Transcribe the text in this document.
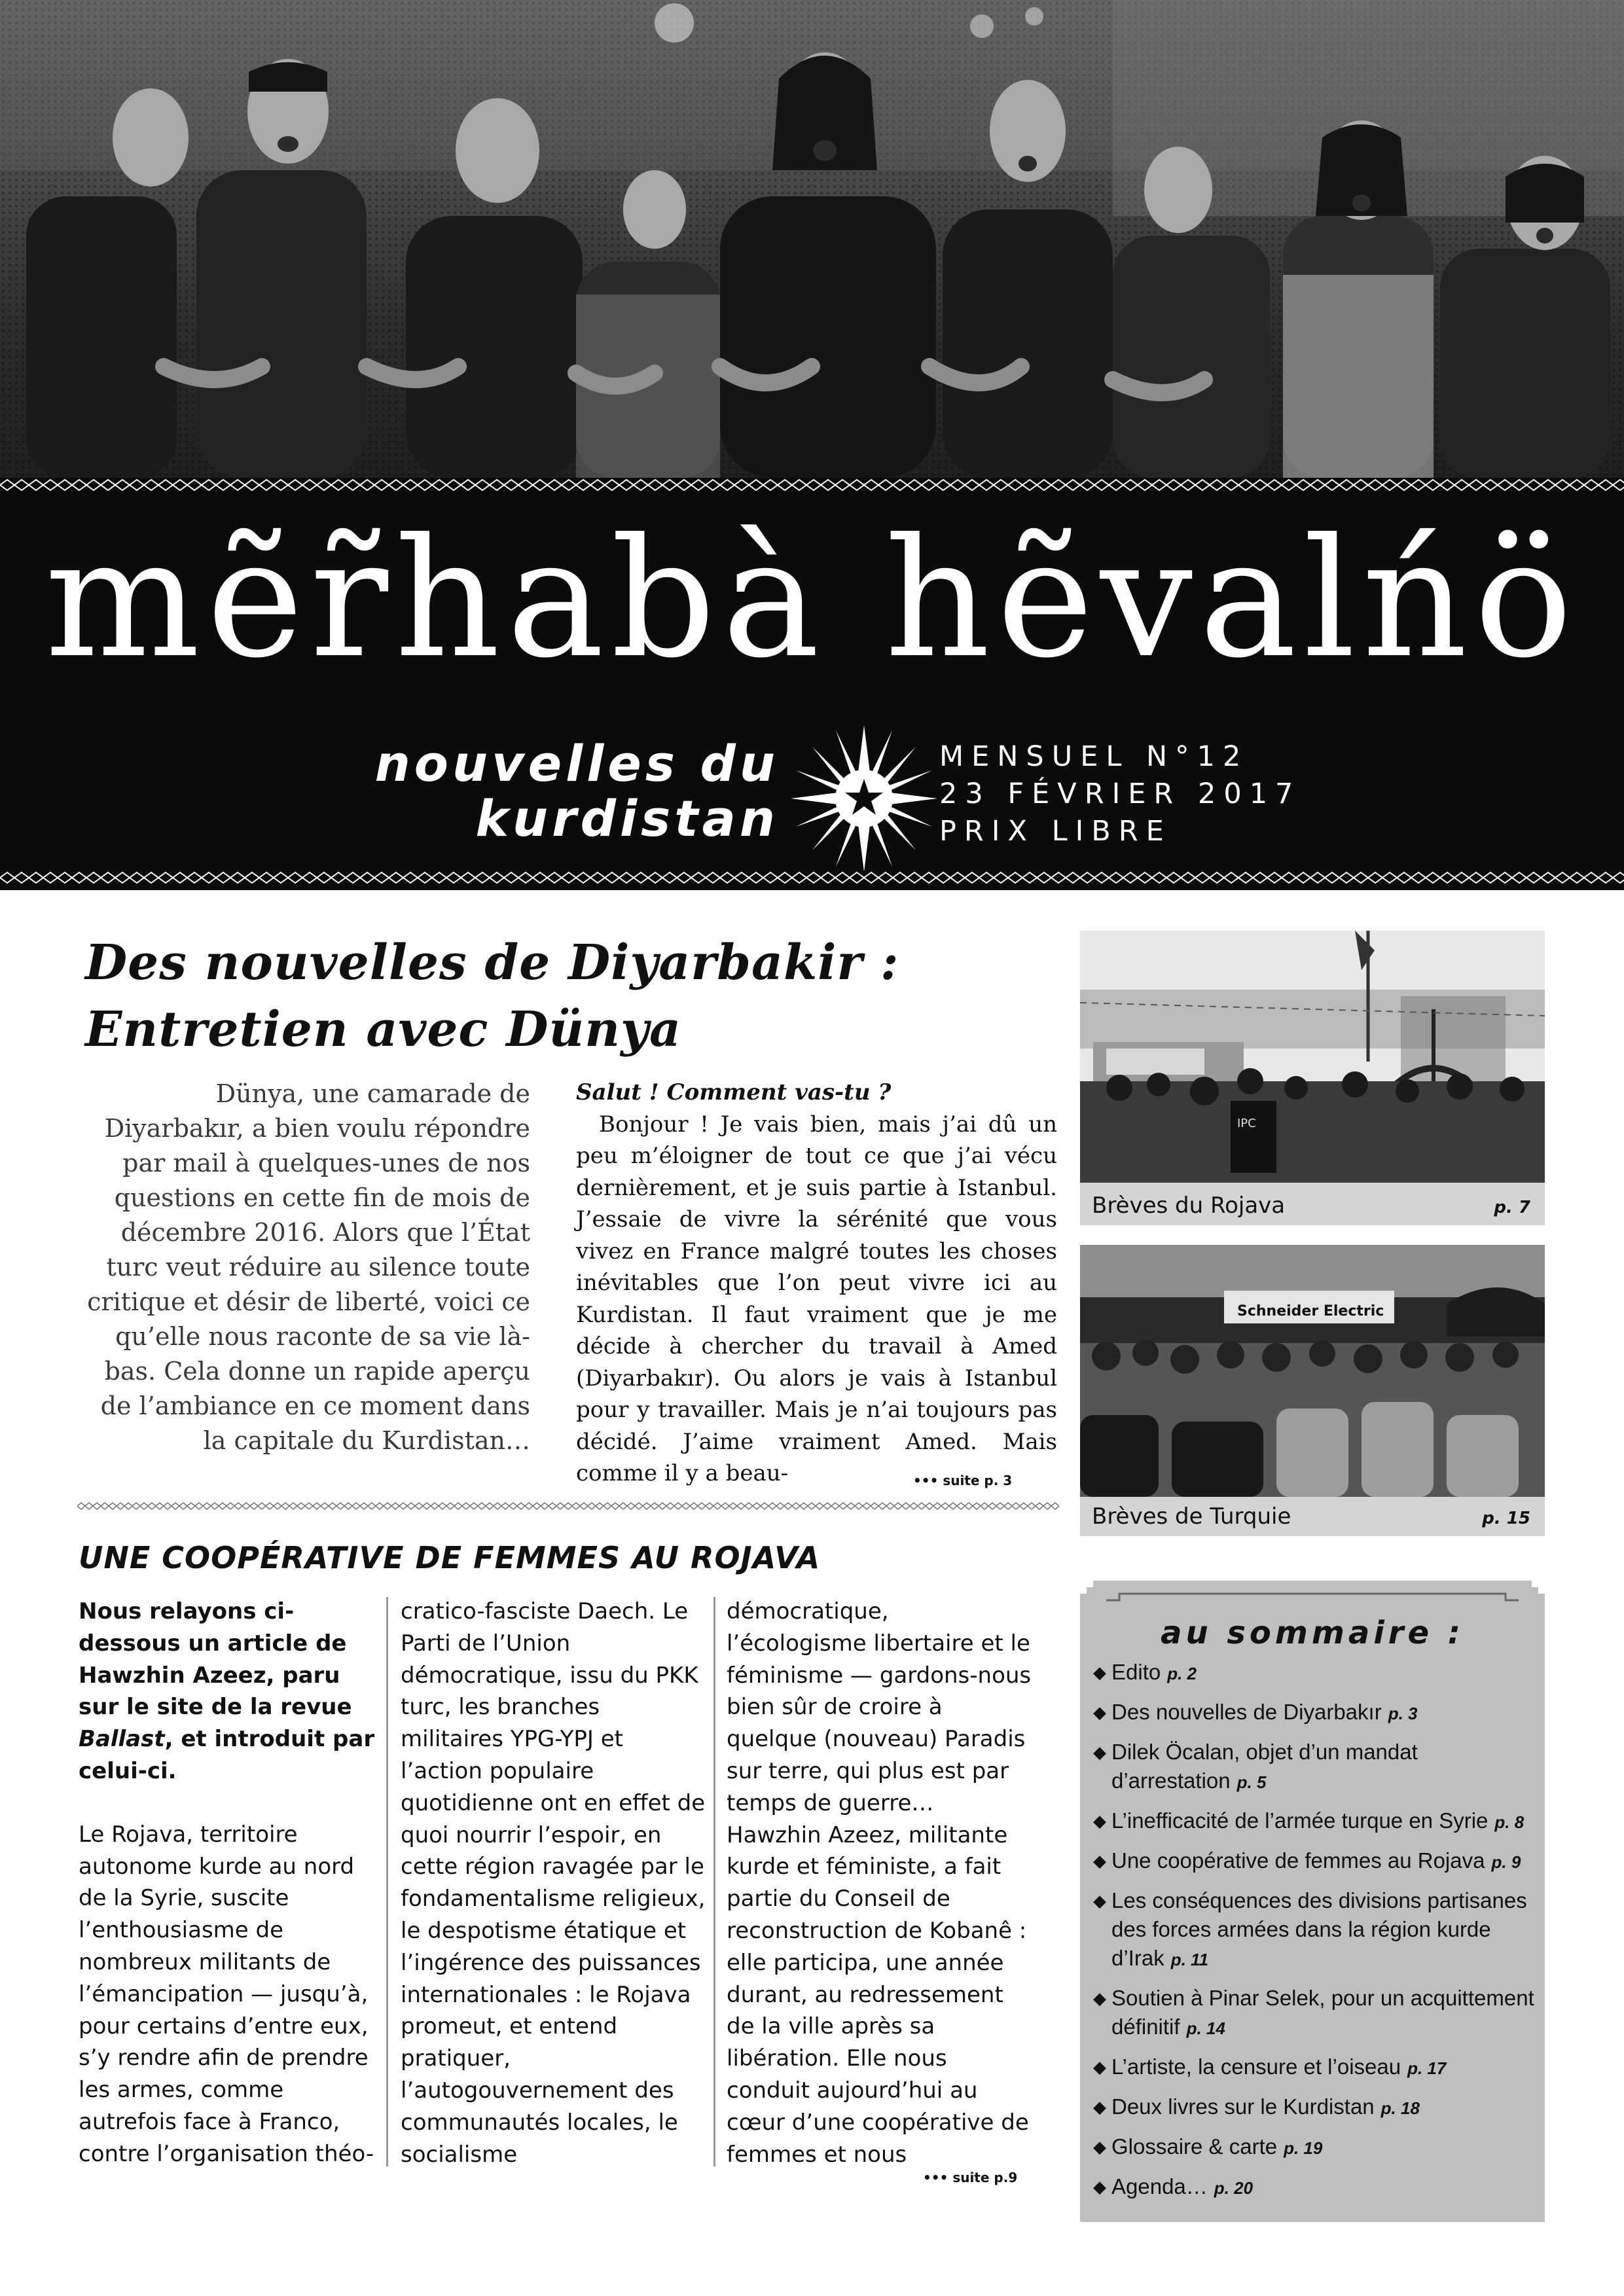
mẽr̃habà hẽvalńö
nouvelles du
kurdistan
MENSUEL N°12
23 FÉVRIER 2017
PRIX LIBRE
Des nouvelles de Diyarbakir :
Entretien avec Dünya
Dünya, une camarade de Diyarbakır, a bien voulu répondre par mail à quelques-unes de nos questions en cette fin de mois de décembre 2016. Alors que l’État turc veut réduire au silence toute critique et désir de liberté, voici ce qu’elle nous raconte de sa vie là-bas. Cela donne un rapide aperçu de l’ambiance en ce moment dans la capitale du Kurdistan…
Salut ! Comment vas-tu ?
Bonjour ! Je vais bien, mais j’ai dû un peu m’éloigner de tout ce que j’ai vécu dernièrement, et je suis partie à Istanbul. J’essaie de vivre la sérénité que vous vivez en France malgré toutes les choses inévitables que l’on peut vivre ici au Kurdistan. Il faut vraiment que je me décide à chercher du travail à Amed (Diyarbakır). Ou alors je vais à Istanbul pour y travailler. Mais je n’ai toujours pas décidé. J’aime vraiment Amed. Mais comme il y a beau-	••• suite p. 3
UNE COOPÉRATIVE DE FEMMES AU ROJAVA
Nous relayons ci-dessous un article de Hawzhin Azeez, paru sur le site de la revue Ballast, et introduit par celui-ci.
Le Rojava, territoire autonome kurde au nord de la Syrie, suscite l’enthousiasme de nombreux militants de l’émancipation — jusqu’à, pour certains d’entre eux, s’y rendre afin de prendre les armes, comme autrefois face à Franco, contre l’organisation théo-
cratico-fasciste Daech. Le Parti de l’Union démocratique, issu du PKK turc, les branches militaires YPG-YPJ et l’action populaire quotidienne ont en effet de quoi nourrir l’espoir, en cette région ravagée par le fondamentalisme religieux, le despotisme étatique et l’ingérence des puissances internationales : le Rojava promeut, et entend pratiquer, l’autogouvernement des communautés locales, le socialisme
démocratique, l’écologisme libertaire et le féminisme — gardons-nous bien sûr de croire à quelque (nouveau) Paradis sur terre, qui plus est par temps de guerre… Hawzhin Azeez, militante kurde et féministe, a fait partie du Conseil de reconstruction de Kobanê : elle participa, une année durant, au redressement de la ville après sa libération. Elle nous conduit aujourd’hui au cœur d’une coopérative de femmes et nous
••• suite p.9
IPC
Brèves du Rojava	p. 7
Schneider Electric
Brèves de Turquie	p. 15
au sommaire :
◆ Edito p. 2
◆ Des nouvelles de Diyarbakır p. 3
◆ Dilek Öcalan, objet d’un mandat d’arrestation p. 5
◆ L’inefficacité de l’armée turque en Syrie p. 8
◆ Une coopérative de femmes au Rojava p. 9
◆ Les conséquences des divisions partisanes des forces armées dans la région kurde d’Irak p. 11
◆ Soutien à Pinar Selek, pour un acquittement définitif p. 14
◆ L’artiste, la censure et l’oiseau p. 17
◆ Deux livres sur le Kurdistan p. 18
◆ Glossaire & carte p. 19
◆ Agenda… p. 20
